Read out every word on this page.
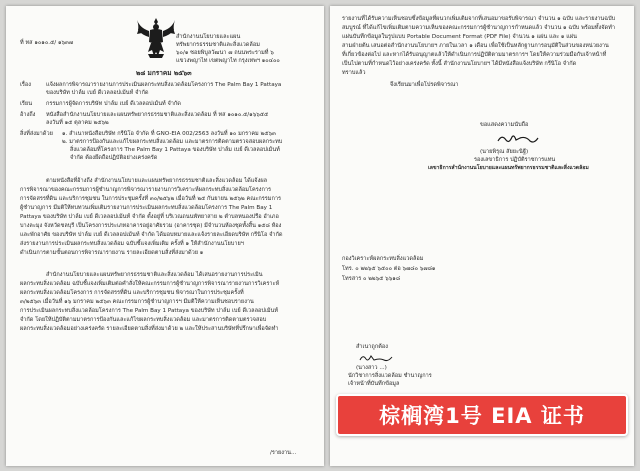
ที่ ทส ๑๐๑๐.๕/ ๑๖๓๗
สำนักงานนโยบายและแผน
ทรัพยากรธรรมชาติและสิ่งแวดล้อม
๖๐/๑ ซอยพิบูลวัฒนา ๗ ถนนพระรามที่ ๖
แขวงพญาไท เขตพญาไท กรุงเทพฯ ๑๐๔๐๐
๒๘ มกราคม ๒๕๖๓
เรื่อง	แจ้งผลการพิจารณารายงานการประเมินผลกระทบสิ่งแวดล้อมโครงการ The Palm Bay 1 Pattaya
ของบริษัท ปาล์ม เบย์ ดีเวลลอปเม้นท์ จำกัด
เรียน กรรมการผู้จัดการบริษัท ปาล์ม เบย์ ดีเวลลอปเม้นท์ จำกัด
อ้างถึง หนังสือสำนักงานนโยบายและแผนทรัพยากรธรรมชาติและสิ่งแวดล้อม ที่ ทส ๑๐๑๐.๕/๑๖๖๕๕
ลงวันที่ ๑๕ ตุลาคม ๒๕๖๒
สิ่งที่ส่งมาด้วย ๑. สำเนาหนังสือบริษัท กรีนิโอ จำกัด ที่ GNO-EIA 002/2563 ลงวันที่ ๑๐ มกราคม ๒๕๖๓
๒. มาตรการป้องกันและแก้ไขผลกระทบสิ่งแวดล้อม และมาตรการติดตามตรวจสอบผลกระทบ
สิ่งแวดล้อมที่โครงการ The Palm Bay 1 Pattaya ของบริษัท ปาล์ม เบย์ ดีเวลลอปเม้นท์
จำกัด ต้องยึดถือปฏิบัติอย่างเคร่งครัด
ตามหนังสือที่อ้างถึง สำนักงานนโยบายและแผนทรัพยากรธรรมชาติและสิ่งแวดล้อม ได้แจ้งผล
การพิจารณาของคณะกรรมการผู้ชำนาญการพิจารณารายงานการวิเคราะห์ผลกระทบสิ่งแวดล้อมโครงการ
การจัดสรรที่ดิน และบริการชุมชน ในการประชุมครั้งที่ ๓๐/๒๕๖๒ เมื่อวันที่ ๒๕ กันยายน ๒๕๖๒ คณะกรรมการ
ผู้ชำนาญการ มีมติให้ทบทวนเพิ่มเติมรายงานการประเมินผลกระทบสิ่งแวดล้อมโครงการ The Palm Bay 1
Pattaya ของบริษัท ปาล์ม เบย์ ดีเวลลอปเม้นท์ จำกัด ตั้งอยู่ที่ บริเวณถนนพัทยาสาย ๒ ตำบลหนองปรือ อำเภอ
บางละมุง จังหวัดชลบุรี เป็นโครงการประเภทอาคารอยู่อาศัยรวม (อาคารชุด) มีจำนวนห้องชุดทั้งสิ้น ๑๕๘ ห้อง
และพักอาศัย ของบริษัท ปาล์ม เบย์ ดีเวลลอปเม้นท์ จำกัด ได้มอบหมายและแจ้งรายละเอียดบริษัท กรีนิโอ จำกัด
ส่งรายงานการประเมินผลกระทบสิ่งแวดล้อม ฉบับชี้แจงเพิ่มเติม ครั้งที่ ๑ ให้สำนักงานนโยบายฯ
ดำเนินการตามขั้นตอนการพิจารณารายงาน รายละเอียดตามสิ่งที่ส่งมาด้วย ๑
สำนักงานนโยบายและแผนทรัพยากรธรรมชาติและสิ่งแวดล้อม ได้เสนอรายงานการประเมิน
ผลกระทบสิ่งแวดล้อม ฉบับชี้แจงเพิ่มเติมต่อคำสั่งให้คณะกรรมการผู้ชำนาญการพิจารณารายงานการวิเคราะห์
ผลกระทบสิ่งแวดล้อมโครงการ การจัดสรรที่ดิน และบริการชุมชน พิจารณาในการประชุมครั้งที่
๓/๒๕๖๓ เมื่อวันที่ ๑๖ มกราคม ๒๕๖๓ คณะกรรมการผู้ชำนาญการฯ มีมติให้ความเห็นชอบรายงาน
การประเมินผลกระทบสิ่งแวดล้อมโครงการ The Palm Bay 1 Pattaya ของบริษัท ปาล์ม เบย์ ดีเวลลอปเม้นท์
จำกัด โดยให้ปฏิบัติตามมาตรการป้องกันและแก้ไขผลกระทบสิ่งแวดล้อม และมาตรการติดตามตรวจสอบ
ผลกระทบสิ่งแวดล้อมอย่างเคร่งครัด รายละเอียดตามสิ่งที่ส่งมาด้วย ๒ และให้ประสานบริษัทที่ปรึกษาเพื่อจัดทำ
/รายงาน...
รายงานที่ได้รับความเห็นชอบซึ่งข้อมูลที่ผนวกเพิ่มเติมจากที่เสนอมาขอรับพิจารณา จำนวน ๑ ฉบับ และรายงานฉบับ
สมบูรณ์ ที่ได้แก้ไขเพิ่มเติมตามความเห็นของคณะกรรมการผู้ชำนาญการกำหนดแล้ว จำนวน ๑ ฉบับ พร้อมทั้งจัดทำ
แผ่นบันทึกข้อมูลในรูปแบบ Portable Document Format (PDF File) จำนวน ๑ แผ่น และ ๑ แผ่น
สามฝ่ายต้น เสนอต่อสำนักงานนโยบายฯ ภายในเวลา ๑ เดือน เพื่อใช้เป็นหลักฐานการอนุมัติในส่วนของหน่วยงาน
ที่เกี่ยวข้องต่อไป และหากได้รับอนุญาตแล้วให้ดำเนินการปฏิบัติตามมาตรการฯ โดยให้ความร่วมมือกับเจ้าหน้าที่
เป็นไปตามที่กำหนดไว้อย่างเคร่งครัด ทั้งนี้ สำนักงานนโยบายฯ ได้มีหนังสือแจ้งบริษัท กรีนิโอ จำกัด
ทราบแล้ว
จึงเรียนมาเพื่อโปรดพิจารณา
ขอแสดงความนับถือ
(นายพิรุณ สัยยะนิฐี)
รองเลขาธิการ ปฏิบัติราชการแทน
เลขาธิการสำนักงานนโยบายและแผนทรัพยากรธรรมชาติและสิ่งแวดล้อม
กองวิเคราะห์ผลกระทบสิ่งแวดล้อม
โทร. ๐ ๒๒๖๕ ๖๕๐๐ ต่อ ๖๗๘๐ ๖๗๘๑
โทรสาร ๐ ๒๒๖๕ ๖๖๑๘
สำเนาถูกต้อง
(นางสาว ...)
นักวิชาการสิ่งแวดล้อม ชำนาญการ
เจ้าหน้าที่บันทึกข้อมูล
棕榈湾1号 EIA 证书
